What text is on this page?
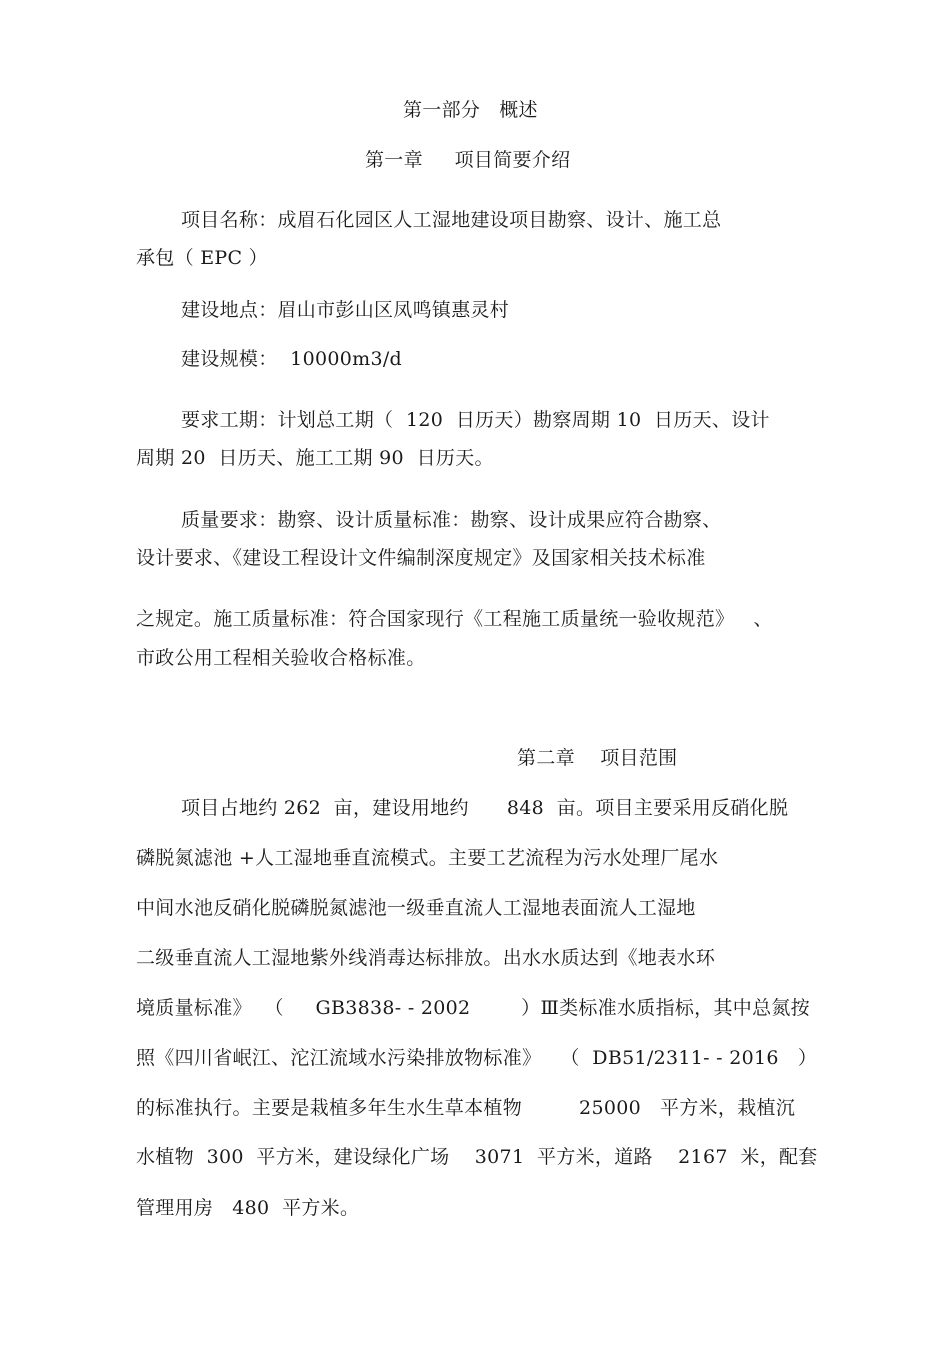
第一部分   概述
第一章     项目简要介绍
项目名称：成眉石化园区人工湿地建设项目勘察、设计、施工总
承包（ EPC ）
建设地点：眉山市彭山区凤鸣镇惠灵村
建设规模：  10000m3/d
要求工期：计划总工期（  120  日历天）勘察周期 10  日历天、设计
周期 20  日历天、施工工期 90  日历天。
质量要求：勘察、设计质量标准：勘察、设计成果应符合勘察、
设计要求、《建设工程设计文件编制深度规定》及国家相关技术标准
之规定。施工质量标准：符合国家现行《工程施工质量统一验收规范》   、
市政公用工程相关验收合格标准。
第二章    项目范围
项目占地约 262  亩，建设用地约      848  亩。项目主要采用反硝化脱
磷脱氮滤池 +人工湿地垂直流模式。主要工艺流程为污水处理厂尾水
中间水池反硝化脱磷脱氮滤池一级垂直流人工湿地表面流人工湿地
二级垂直流人工湿地紫外线消毒达标排放。出水水质达到《地表水环
境质量标准》  （     GB3838- - 2002        ）Ⅲ类标准水质指标，其中总氮按
照《四川省岷江、沱江流域水污染排放物标准》   （  DB51/2311- - 2016   ）
的标准执行。主要是栽植多年生水生草本植物         25000   平方米，栽植沉
水植物  300  平方米，建设绿化广场    3071  平方米，道路    2167  米，配套
管理用房   480  平方米。
